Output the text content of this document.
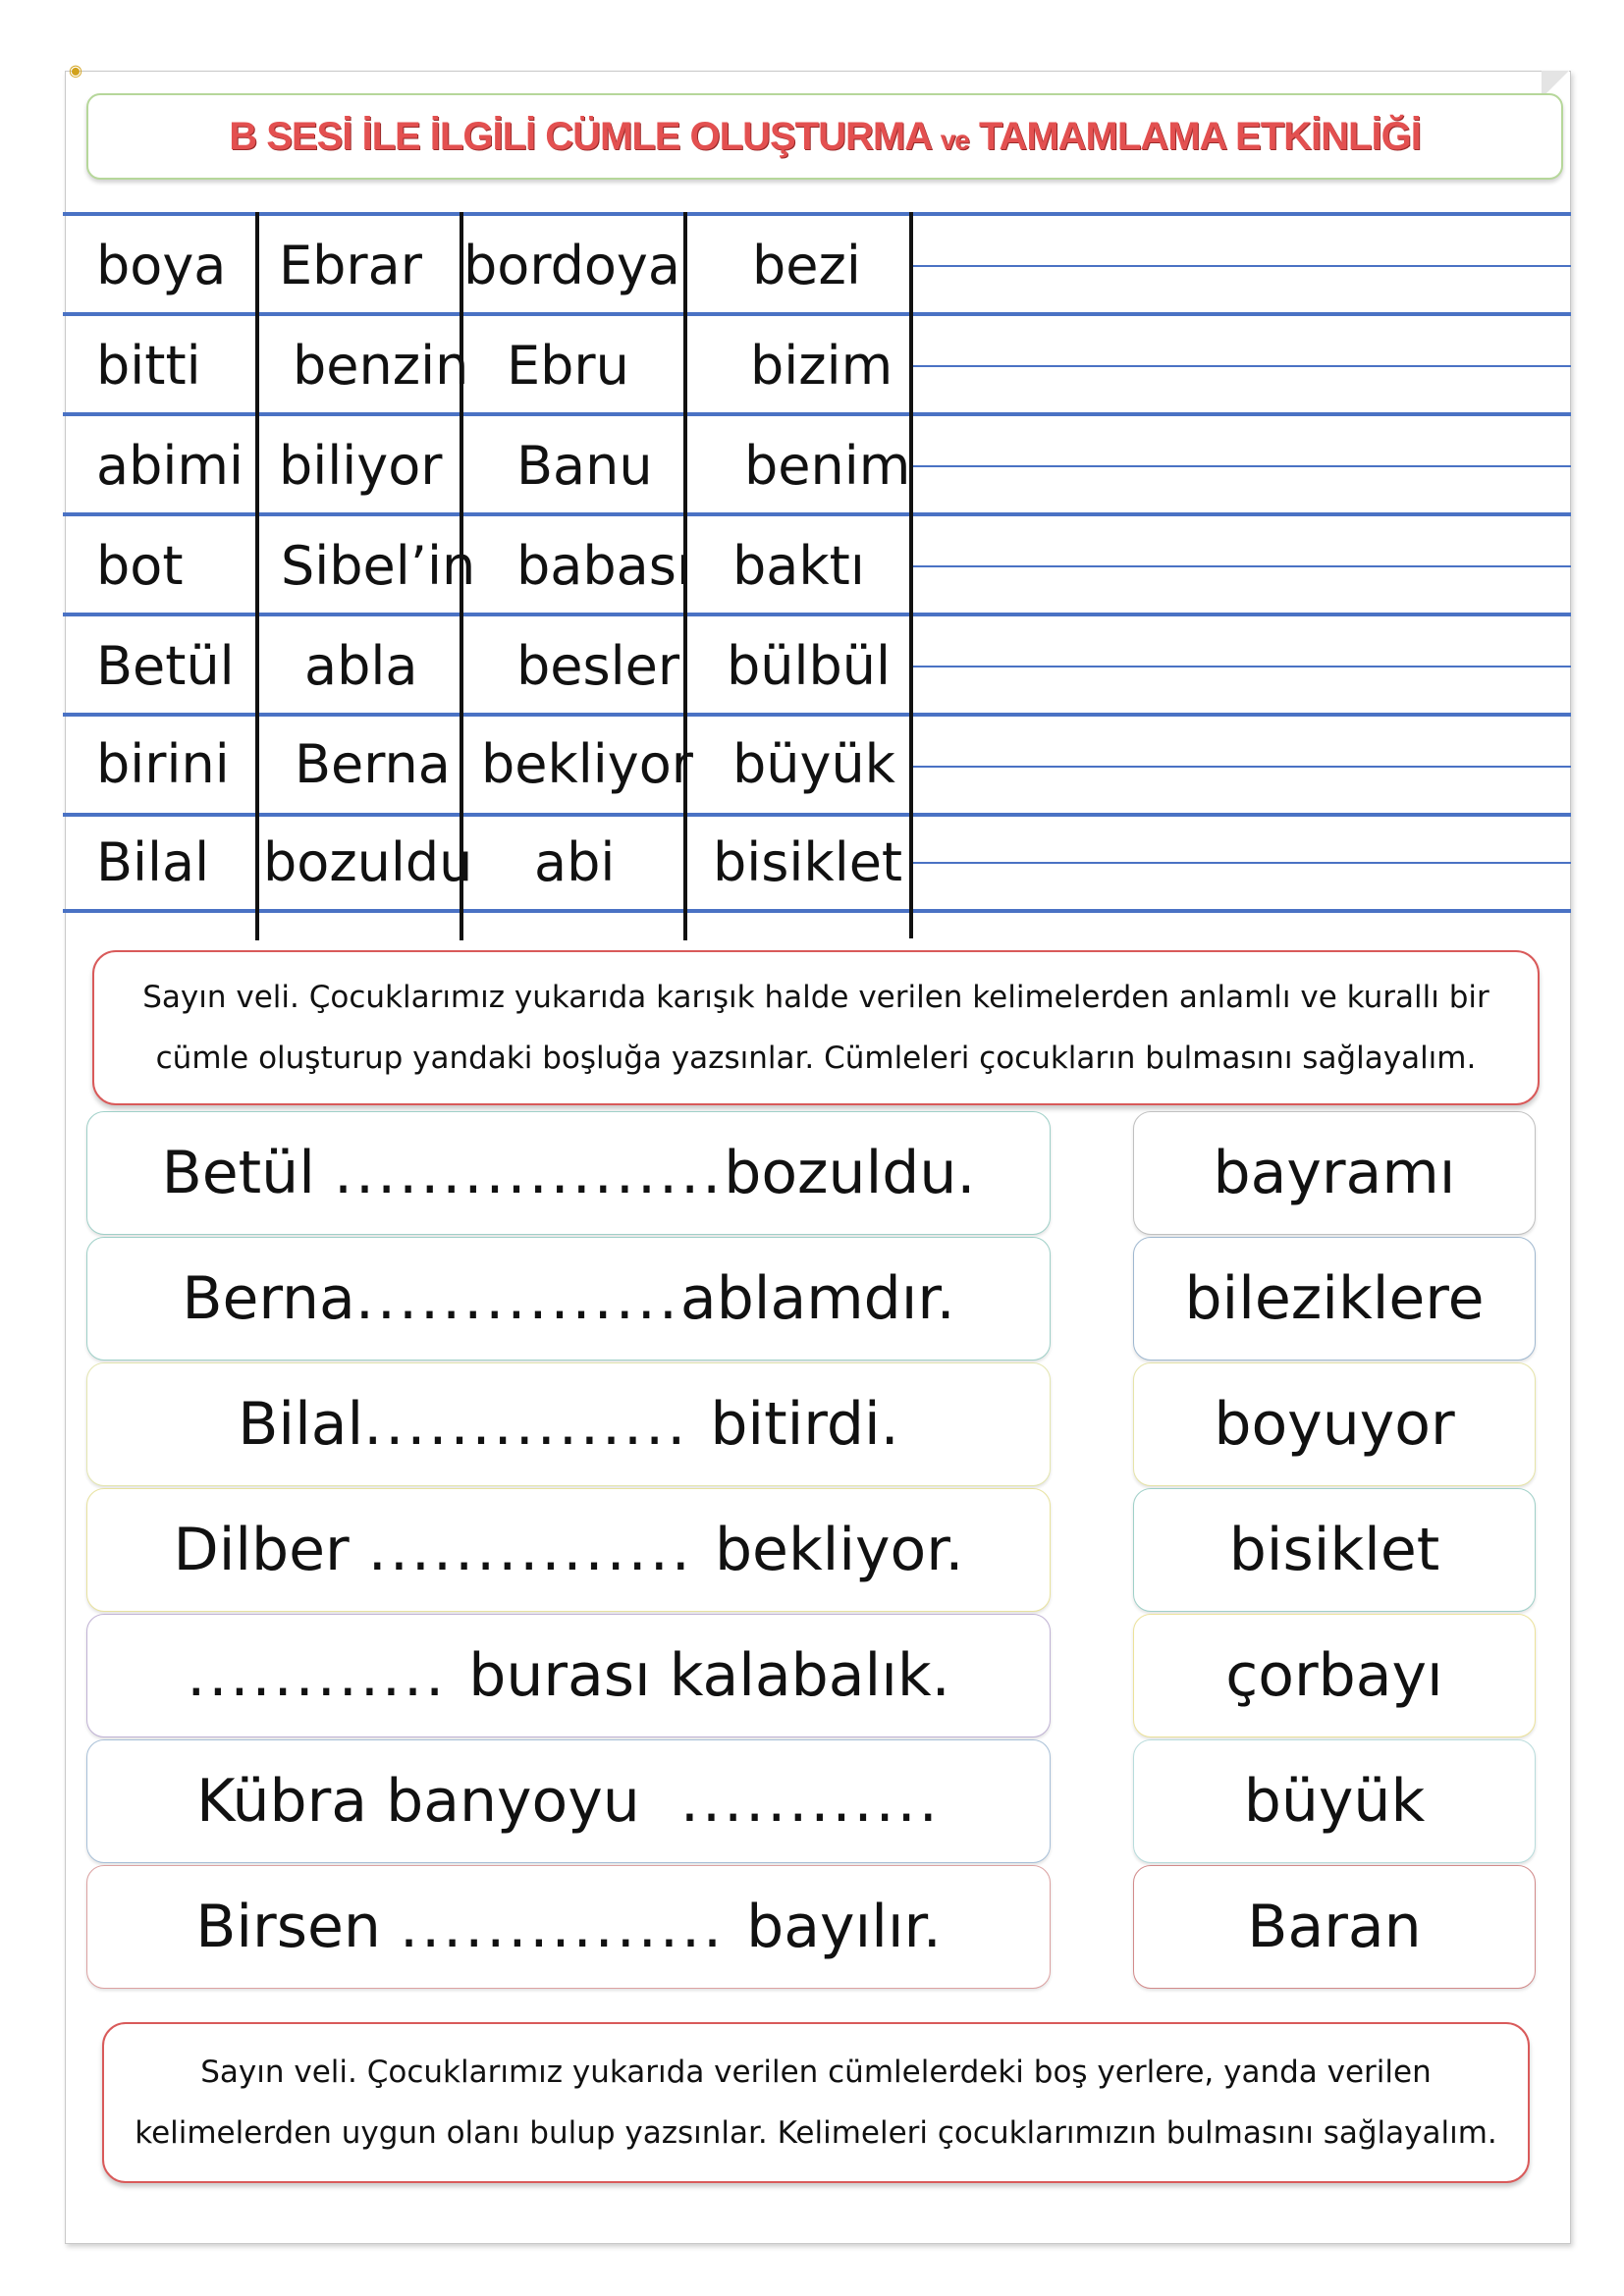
◉
B SESİ İLE İLGİLİ CÜMLE OLUŞTURMA ve TAMAMLAMA ETKİNLİĞİ
boya Ebrar bordoya bezi
bitti benzin Ebru bizim
abimi biliyor Banu benim
bot Sibel’in babası baktı
Betül abla besler bülbül
birini Berna bekliyor büyük
Bilal bozuldu abi bisiklet
Sayın veli. Çocuklarımız yukarıda karışık halde verilen kelimelerden anlamlı ve kurallı bir
cümle oluşturup yandaki boşluğa yazsınlar. Cümleleri çocukların bulmasını sağlayalım.
Betül .................. bozuldu.
Berna ............... ablamdır.
Bilal ............... bitirdi.
Dilber ............... bekliyor.
............ burası kalabalık.
Kübra banyoyu ............
Birsen ............... bayılır.
bayramı
bileziklere
boyuyor
bisiklet
çorbayı
büyük
Baran
Sayın veli. Çocuklarımız yukarıda verilen cümlelerdeki boş yerlere, yanda verilen
kelimelerden uygun olanı bulup yazsınlar. Kelimeleri çocuklarımızın bulmasını sağlayalım.
